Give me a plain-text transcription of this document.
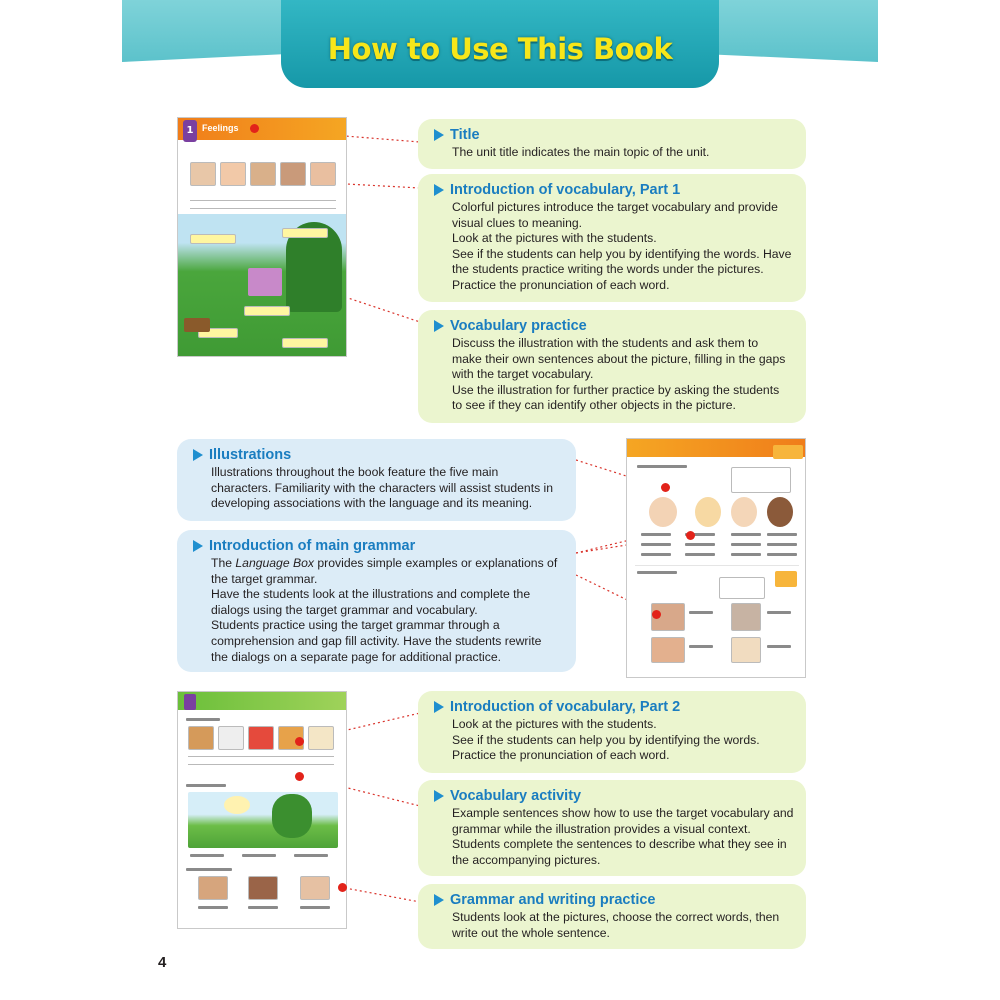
How to Use This Book
1 Feelings	Title

The unit title indicates the main topic of the unit.

Introduction of vocabulary, Part 1

Colorful pictures introduce the target vocabulary and provide

visual clues to meaning.

Look at the pictures with the students.

See if the students can help you by identifying the words. Have

the students practice writing the words under the pictures.

Practice the pronunciation of each word.

Vocabulary practice

Discuss the illustration with the students and ask them to

make their own sentences about the picture, filling in the gaps

with the target vocabulary.

Use the illustration for further practice by asking the students

to see if they can identify other objects in the picture.

Illustrations

Illustrations throughout the book feature the five main

characters. Familiarity with the characters will assist students in

developing associations with the language and its meaning.

Introduction of main grammar

The Language Box provides simple examples or explanations of

the target grammar.

Have the students look at the illustrations and complete the

dialogs using the target grammar and vocabulary.

Students practice using the target grammar through a

comprehension and gap fill activity. Have the students rewrite

the dialogs on a separate page for additional practice.

Introduction of vocabulary, Part 2

Look at the pictures with the students.

See if the students can help you by identifying the words.

Practice the pronunciation of each word.

Vocabulary activity

Example sentences show how to use the target vocabulary and

grammar while the illustration provides a visual context.

Students complete the sentences to describe what they see in

the accompanying pictures.

Grammar and writing practice

Students look at the pictures, choose the correct words, then

write out the whole sentence.

4
